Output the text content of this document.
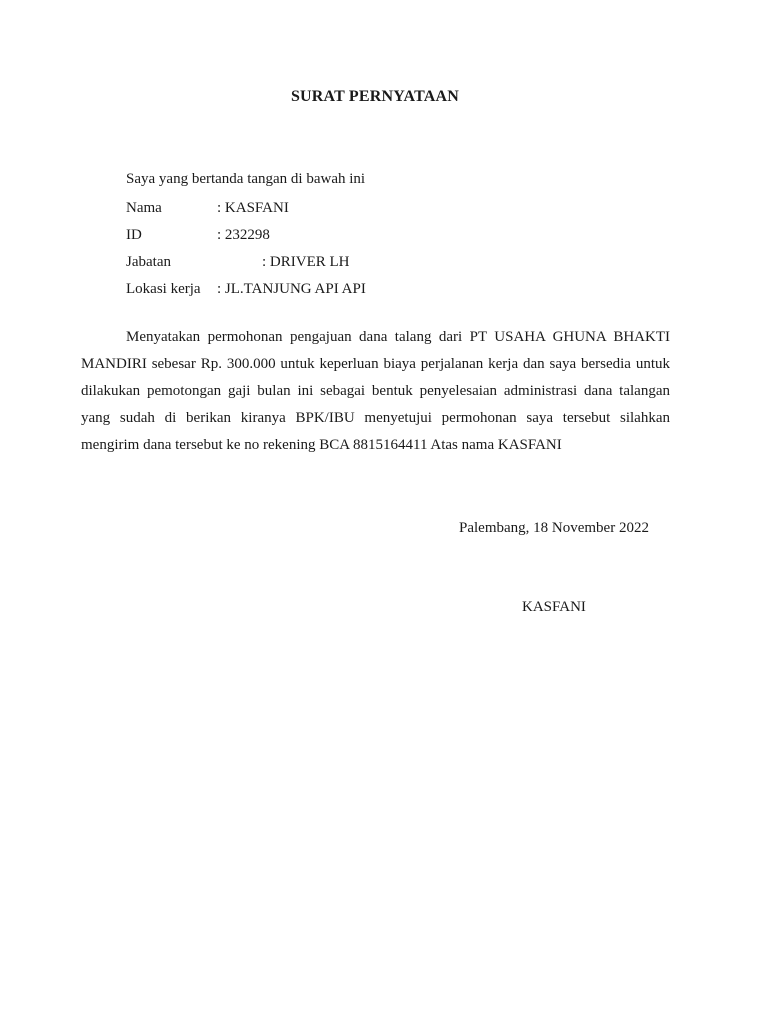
SURAT PERNYATAAN
Saya yang bertanda tangan di bawah ini
Nama	: KASFANI
ID	: 232298
Jabatan	: DRIVER LH
Lokasi kerja : JL.TANJUNG API API
Menyatakan permohonan pengajuan dana talang dari PT USAHA GHUNA BHAKTI MANDIRI sebesar Rp. 300.000 untuk keperluan biaya perjalanan kerja dan saya bersedia untuk dilakukan pemotongan gaji bulan ini sebagai bentuk penyelesaian administrasi dana talangan yang sudah di berikan kiranya BPK/IBU menyetujui permohonan saya tersebut silahkan mengirim dana tersebut ke no rekening BCA 8815164411 Atas nama KASFANI
Palembang, 18 November 2022
KASFANI
